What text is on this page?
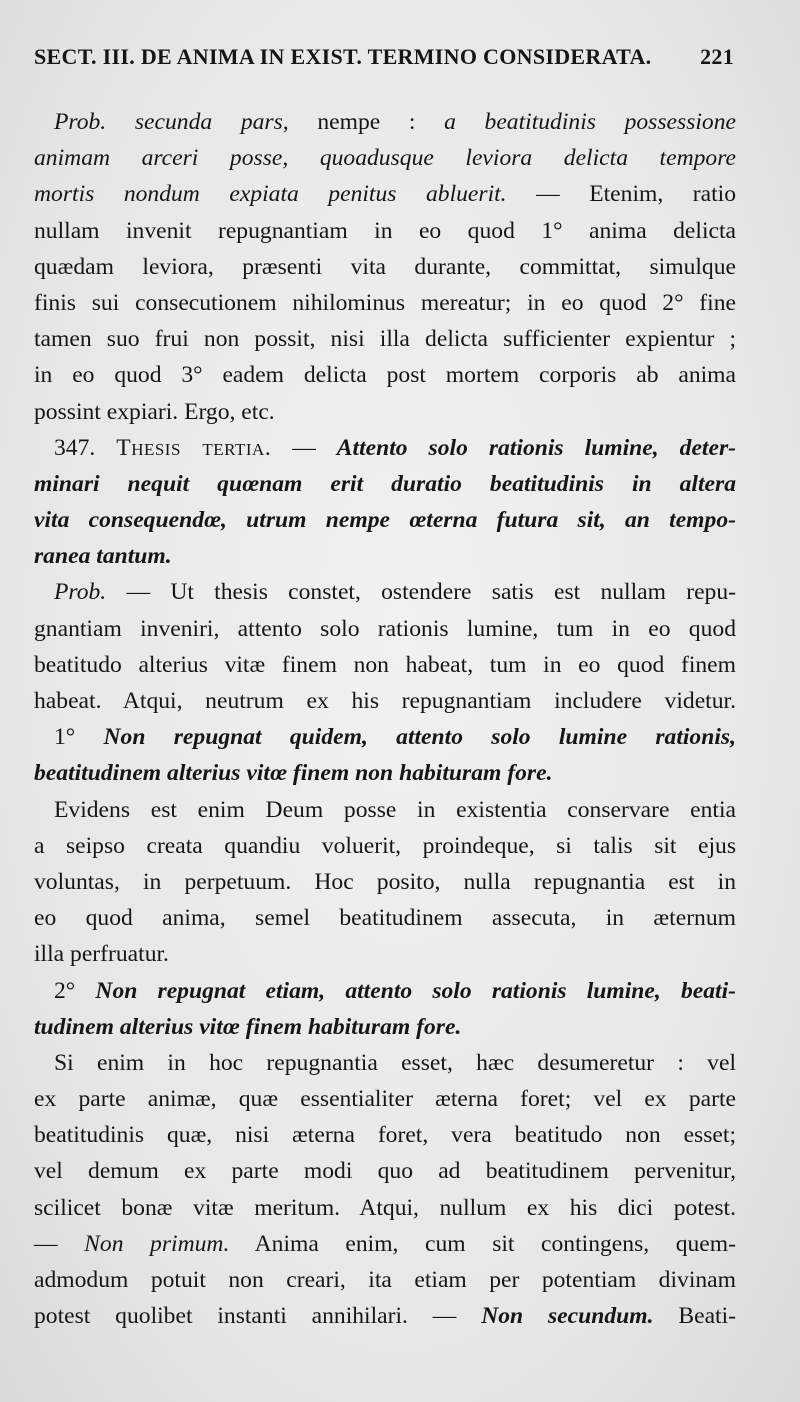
SECT. III. DE ANIMA IN EXIST. TERMINO CONSIDERATA. 221
Prob. secunda pars, nempe : a beatitudinis possessione
animam arceri posse, quoadusque leviora delicta tempore
mortis nondum expiata penitus abluerit. — Etenim, ratio
nullam invenit repugnantiam in eo quod 1° anima delicta
quædam leviora, præsenti vita durante, committat, simulque
finis sui consecutionem nihilominus mereatur; in eo quod 2° fine
tamen suo frui non possit, nisi illa delicta sufficienter expientur ;
in eo quod 3° eadem delicta post mortem corporis ab anima
possint expiari. Ergo, etc.
347. Thesis tertia. — Attento solo rationis lumine, deter-
minari nequit quœnam erit duratio beatitudinis in altera
vita consequendœ, utrum nempe œterna futura sit, an tempo-
ranea tantum.
Prob. — Ut thesis constet, ostendere satis est nullam repu-
gnantiam inveniri, attento solo rationis lumine, tum in eo quod
beatitudo alterius vitæ finem non habeat, tum in eo quod finem
habeat. Atqui, neutrum ex his repugnantiam includere videtur.
1° Non repugnat quidem, attento solo lumine rationis,
beatitudinem alterius vitœ finem non habituram fore.
Evidens est enim Deum posse in existentia conservare entia
a seipso creata quandiu voluerit, proindeque, si talis sit ejus
voluntas, in perpetuum. Hoc posito, nulla repugnantia est in
eo quod anima, semel beatitudinem assecuta, in æternum
illa perfruatur.
2° Non repugnat etiam, attento solo rationis lumine, beati-
tudinem alterius vitœ finem habituram fore.
Si enim in hoc repugnantia esset, hæc desumeretur : vel
ex parte animæ, quæ essentialiter æterna foret; vel ex parte
beatitudinis quæ, nisi æterna foret, vera beatitudo non esset;
vel demum ex parte modi quo ad beatitudinem pervenitur,
scilicet bonæ vitæ meritum. Atqui, nullum ex his dici potest.
— Non primum. Anima enim, cum sit contingens, quem-
admodum potuit non creari, ita etiam per potentiam divinam
potest quolibet instanti annihilari. — Non secundum. Beati-
